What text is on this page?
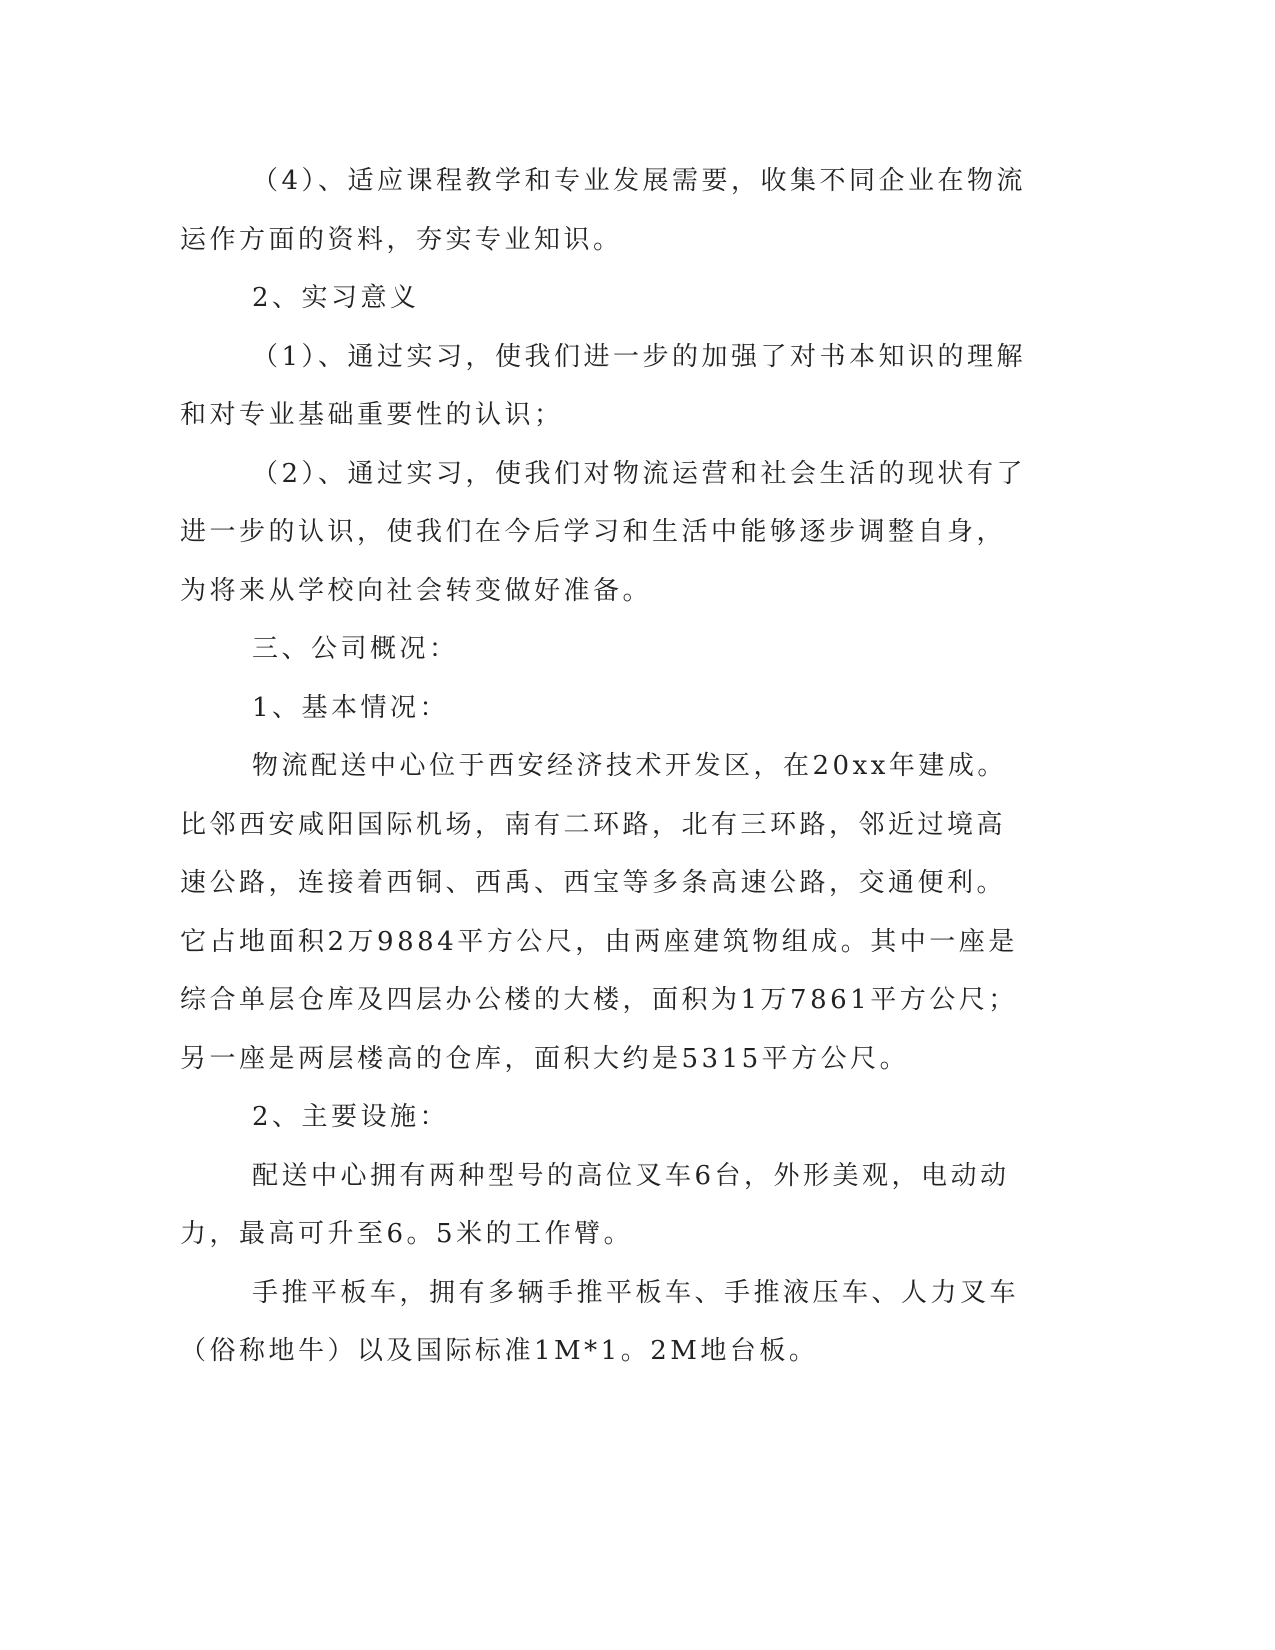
（4）、适应课程教学和专业发展需要，收集不同企业在物流运作方面的资料，夯实专业知识。

2、实习意义

（1）、通过实习，使我们进一步的加强了对书本知识的理解和对专业基础重要性的认识；

（2）、通过实习，使我们对物流运营和社会生活的现状有了进一步的认识，使我们在今后学习和生活中能够逐步调整自身，为将来从学校向社会转变做好准备。

三、公司概况：

1、基本情况：

物流配送中心位于西安经济技术开发区，在20xx年建成。比邻西安咸阳国际机场，南有二环路，北有三环路，邻近过境高速公路，连接着西铜、西禹、西宝等多条高速公路，交通便利。它占地面积2万9884平方公尺，由两座建筑物组成。其中一座是综合单层仓库及四层办公楼的大楼，面积为1万7861平方公尺；另一座是两层楼高的仓库，面积大约是5315平方公尺。

2、主要设施：

配送中心拥有两种型号的高位叉车6台，外形美观，电动动力，最高可升至6。5米的工作臂。

手推平板车，拥有多辆手推平板车、手推液压车、人力叉车（俗称地牛）以及国际标准1M*1。2M地台板。
